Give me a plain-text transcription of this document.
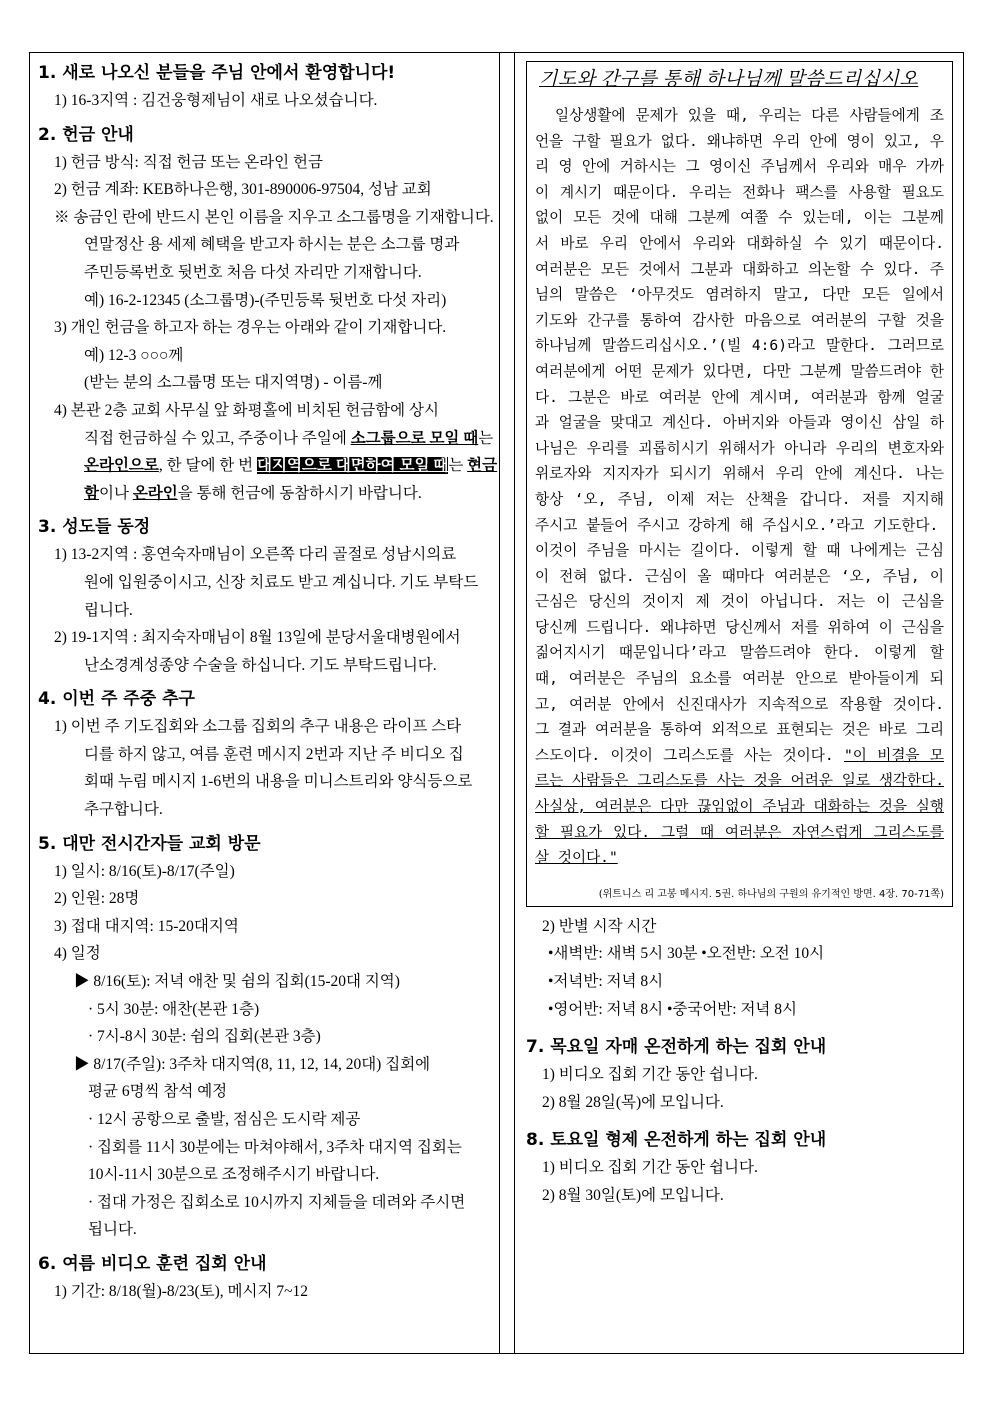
1. 새로 나오신 분들을 주님 안에서 환영합니다!
1) 16-3지역 : 김건웅형제님이 새로 나오셨습니다.
2. 헌금 안내
1) 헌금 방식: 직접 헌금 또는 온라인 헌금
2) 헌금 계좌: KEB하나은행, 301-890006-97504, 성남 교회
※ 송금인 란에 반드시 본인 이름을 지우고 소그룹명을 기재합니다.
연말정산 용 세제 혜택을 받고자 하시는 분은 소그룹 명과
주민등록번호 뒷번호 처음 다섯 자리만 기재합니다.
예) 16-2-12345 (소그룹명)-(주민등록 뒷번호 다섯 자리)
3) 개인 헌금을 하고자 하는 경우는 아래와 같이 기재합니다.
예) 12-3 ○○○께
(받는 분의 소그룹명 또는 대지역명) - 이름-께
4) 본관 2층 교회 사무실 앞 화평홀에 비치된 헌금함에 상시
직접 헌금하실 수 있고, 주중이나 주일에 소그룹으로 모일 때는
온라인으로, 한 달에 한 번 대지역으로 대면하여 모일 때는 현금
함이나 온라인을 통해 헌금에 동참하시기 바랍니다.
3. 성도들 동정
1) 13-2지역 : 홍연숙자매님이 오른쪽 다리 골절로 성남시의료
원에 입원중이시고, 신장 치료도 받고 계십니다. 기도 부탁드
립니다.
2) 19-1지역 : 최지숙자매님이 8월 13일에 분당서울대병원에서
난소경계성종양 수술을 하십니다. 기도 부탁드립니다.
4. 이번 주 주중 추구
1) 이번 주 기도집회와 소그룹 집회의 추구 내용은 라이프 스타
디를 하지 않고, 여름 훈련 메시지 2번과 지난 주 비디오 집
회때 누림 메시지 1-6번의 내용을 미니스트리와 양식등으로
추구합니다.
5. 대만 전시간자들 교회 방문
1) 일시: 8/16(토)-8/17(주일)
2) 인원: 28명
3) 접대 대지역: 15-20대지역
4) 일정
▶ 8/16(토): 저녁 애찬 및 쉼의 집회(15-20대 지역)
· 5시 30분: 애찬(본관 1층)
· 7시-8시 30분: 쉼의 집회(본관 3층)
▶ 8/17(주일): 3주차 대지역(8, 11, 12, 14, 20대) 집회에
평균 6명씩 참석 예정
· 12시 공항으로 출발, 점심은 도시락 제공
· 집회를 11시 30분에는 마쳐야해서, 3주차 대지역 집회는
10시-11시 30분으로 조정해주시기 바랍니다.
· 접대 가정은 집회소로 10시까지 지체들을 데려와 주시면
됩니다.
6. 여름 비디오 훈련 집회 안내
1) 기간: 8/18(월)-8/23(토), 메시지 7~12
기도와 간구를 통해 하나님께 말씀드리십시오
일상생활에 문제가 있을 때, 우리는 다른 사람들에게 조언을 구할 필요가 없다. 왜냐하면 우리 안에 영이 있고, 우리 영 안에 거하시는 그 영이신 주님께서 우리와 매우 가까이 계시기 때문이다. 우리는 전화나 팩스를 사용할 필요도 없이 모든 것에 대해 그분께 여쭐 수 있는데, 이는 그분께서 바로 우리 안에서 우리와 대화하실 수 있기 때문이다. 여러분은 모든 것에서 그분과 대화하고 의논할 수 있다. 주님의 말씀은 ‘아무것도 염려하지 말고, 다만 모든 일에서 기도와 간구를 통하여 감사한 마음으로 여러분의 구할 것을 하나님께 말씀드리십시오.’(빌 4:6)라고 말한다. 그러므로 여러분에게 어떤 문제가 있다면, 다만 그분께 말씀드려야 한다. 그분은 바로 여러분 안에 계시며, 여러분과 함께 얼굴과 얼굴을 맞대고 계신다. 아버지와 아들과 영이신 삼일 하나님은 우리를 괴롭히시기 위해서가 아니라 우리의 변호자와 위로자와 지지자가 되시기 위해서 우리 안에 계신다. 나는 항상 ‘오, 주님, 이제 저는 산책을 갑니다. 저를 지지해 주시고 붙들어 주시고 강하게 해 주십시오.’라고 기도한다.
이것이 주님을 마시는 길이다. 이렇게 할 때 나에게는 근심이 전혀 없다. 근심이 올 때마다 여러분은 ‘오, 주님, 이 근심은 당신의 것이지 제 것이 아닙니다. 저는 이 근심을 당신께 드립니다. 왜냐하면 당신께서 저를 위하여 이 근심을 짊어지시기 때문입니다’라고 말씀드려야 한다. 이렇게 할 때, 여러분은 주님의 요소를 여러분 안으로 받아들이게 되고, 여러분 안에서 신진대사가 지속적으로 작용할 것이다. 그 결과 여러분을 통하여 외적으로 표현되는 것은 바로 그리스도이다. 이것이 그리스도를 사는 것이다. "이 비결을 모르는 사람들은 그리스도를 사는 것을 어려운 일로 생각한다. 사실상, 여러분은 다만 끊임없이 주님과 대화하는 것을 실행할 필요가 있다. 그럴 때 여러분은 자연스럽게 그리스도를 살 것이다."
(위트니스 리 고봉 메시지. 5권. 하나님의 구원의 유기적인 방면. 4장. 70-71쪽)
2) 반별 시작 시간
•새벽반: 새벽 5시 30분 •오전반: 오전 10시
•저녁반: 저녁 8시
•영어반: 저녁 8시 •중국어반: 저녁 8시
7. 목요일 자매 온전하게 하는 집회 안내
1) 비디오 집회 기간 동안 쉽니다.
2) 8월 28일(목)에 모입니다.
8. 토요일 형제 온전하게 하는 집회 안내
1) 비디오 집회 기간 동안 쉽니다.
2) 8월 30일(토)에 모입니다.
